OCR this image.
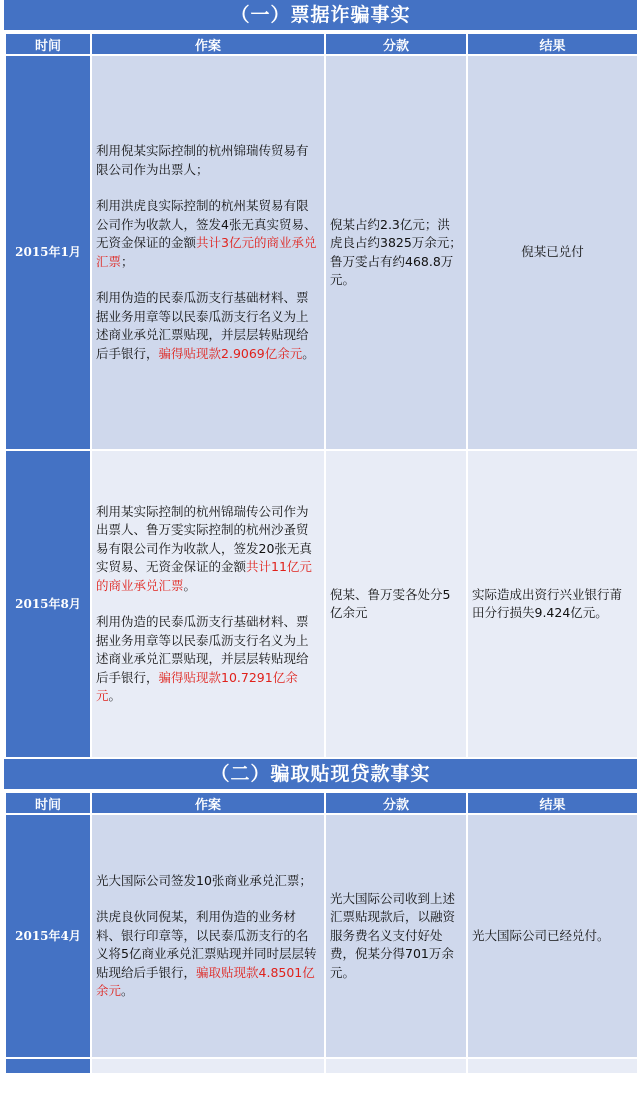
（一）票据诈骗事实
时间	作案	分款	结果
2015年1月	利用倪某实际控制的杭州锦瑞传贸易有限公司作为出票人；

利用洪虎良实际控制的杭州某贸易有限公司作为收款人，签发4张无真实贸易、无资金保证的金额共计3亿元的商业承兑汇票；

利用伪造的民泰瓜沥支行基础材料、票据业务用章等以民泰瓜沥支行名义为上述商业承兑汇票贴现，并层层转贴现给后手银行，骗得贴现款2.9069亿余元。	倪某占约2.3亿元；洪虎良占约3825万余元；鲁万雯占有约468.8万元。	倪某已兑付
2015年8月	利用某实际控制的杭州锦瑞传公司作为出票人、鲁万雯实际控制的杭州沙蚤贸易有限公司作为收款人，签发20张无真实贸易、无资金保证的金额共计11亿元的商业承兑汇票。

利用伪造的民泰瓜沥支行基础材料、票据业务用章等以民泰瓜沥支行名义为上述商业承兑汇票贴现，并层层转贴现给后手银行，骗得贴现款10.7291亿余元。	倪某、鲁万雯各处分5亿余元	实际造成出资行兴业银行莆田分行损失9.424亿元。
（二）骗取贴现贷款事实
时间	作案	分款	结果
2015年4月	光大国际公司签发10张商业承兑汇票；

洪虎良伙同倪某，利用伪造的业务材料、银行印章等，以民泰瓜沥支行的名义将5亿商业承兑汇票贴现并同时层层转贴现给后手银行，骗取贴现款4.8501亿余元。	光大国际公司收到上述汇票贴现款后，以融资服务费名义支付好处费，倪某分得701万余元。	光大国际公司已经兑付。
